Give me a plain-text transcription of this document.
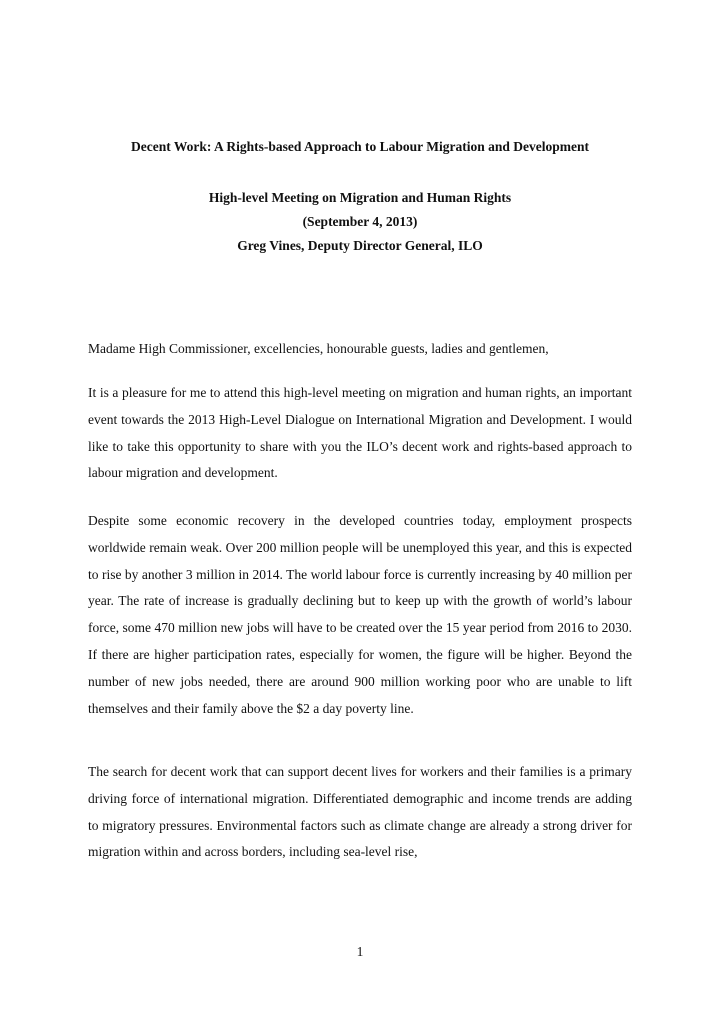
Decent Work: A Rights-based Approach to Labour Migration and Development
High-level Meeting on Migration and Human Rights
(September 4, 2013)
Greg Vines, Deputy Director General, ILO

Madame High Commissioner, excellencies, honourable guests, ladies and gentlemen,

It is a pleasure for me to attend this high-level meeting on migration and human rights, an important event towards the 2013 High-Level Dialogue on International Migration and Development. I would like to take this opportunity to share with you the ILO’s decent work and rights-based approach to labour migration and development.

Despite some economic recovery in the developed countries today, employment prospects worldwide remain weak. Over 200 million people will be unemployed this year, and this is expected to rise by another 3 million in 2014. The world labour force is currently increasing by 40 million per year. The rate of increase is gradually declining but to keep up with the growth of world’s labour force, some 470 million new jobs will have to be created over the 15 year period from 2016 to 2030. If there are higher participation rates, especially for women, the figure will be higher. Beyond the number of new jobs needed, there are around 900 million working poor who are unable to lift themselves and their family above the $2 a day poverty line.

The search for decent work that can support decent lives for workers and their families is a primary driving force of international migration. Differentiated demographic and income trends are adding to migratory pressures. Environmental factors such as climate change are already a strong driver for migration within and across borders, including sea-level rise,

1
